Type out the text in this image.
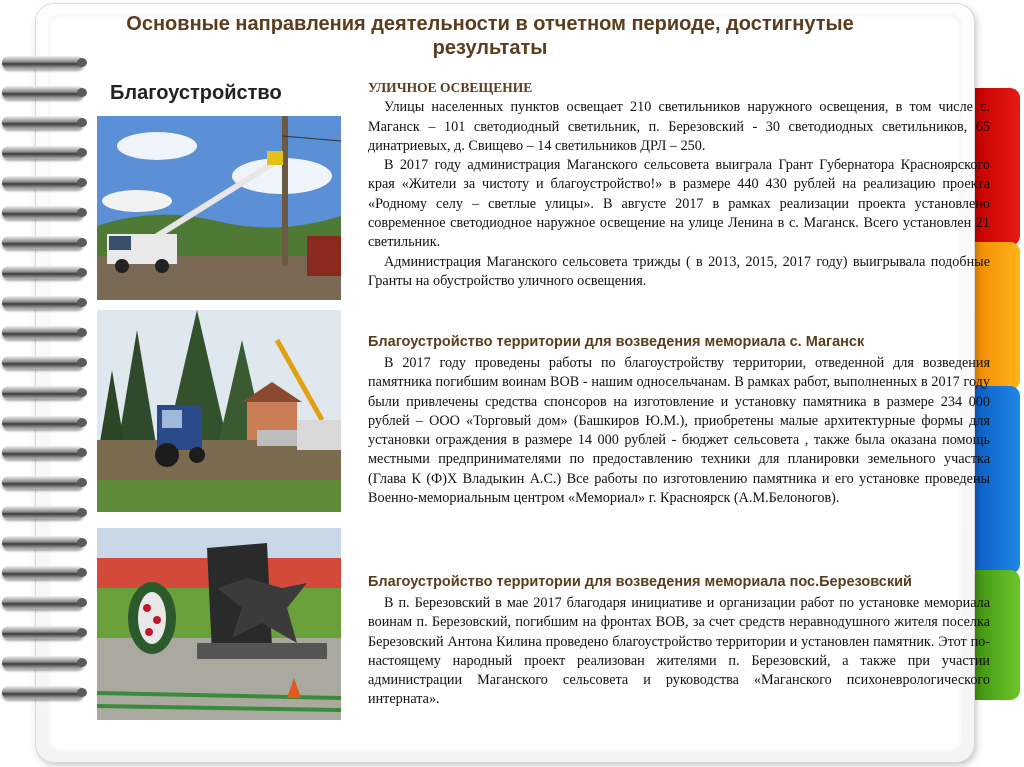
Основные направления деятельности в отчетном периоде, достигнутые результаты
Благоустройство	УЛИЧНОЕ ОСВЕЩЕНИЕ

Улицы населенных пунктов освещает 210 светильников наружного освещения, в том числе с. Маганск – 101 светодиодный светильник, п. Березовский - 30 светодиодных светильников, 65 динатриевых, д. Свищево – 14 светильников ДРЛ – 250.

В 2017 году администрация Маганского сельсовета выиграла Грант Губернатора Красноярского края «Жители за чистоту и благоустройство!» в размере 440 430 рублей на реализацию проекта «Родному селу – светлые улицы». В августе 2017 в рамках реализации проекта установлено современное светодиодное наружное освещение на улице Ленина в с. Маганск. Всего установлен 21 светильник.

Администрация Маганского сельсовета трижды ( в 2013, 2015, 2017 году) выигрывала подобные Гранты на обустройство уличного освещения.

Благоустройство территории для возведения мемориала с. Маганск

В 2017 году проведены работы по благоустройству территории, отведенной для возведения памятника погибшим воинам ВОВ - нашим односельчанам. В рамках работ, выполненных в 2017 году были привлечены средства спонсоров на изготовление и установку памятника в размере 234 000 рублей – ООО «Торговый дом» (Башкиров Ю.М.), приобретены малые архитектурные формы для установки ограждения в размере 14 000 рублей - бюджет сельсовета , также была оказана помощь местными предпринимателями по предоставлению техники для планировки земельного участка (Глава К (Ф)Х Владыкин А.С.) Все работы по изготовлению памятника и его установке проведены Военно-мемориальным центром «Мемориал» г. Красноярск (А.М.Белоногов).

Благоустройство территории для возведения мемориала пос.Березовский

В п. Березовский в мае 2017 благодаря инициативе и организации работ по установке мемориала воинам п. Березовский, погибшим на фронтах ВОВ, за счет средств неравнодушного жителя поселка Березовский Антона Килина проведено благоустройство территории и установлен памятник. Этот по-настоящему народный проект реализован жителями п. Березовский, а также при участии администрации Маганского сельсовета и руководства «Маганского психоневрологического интерната».
